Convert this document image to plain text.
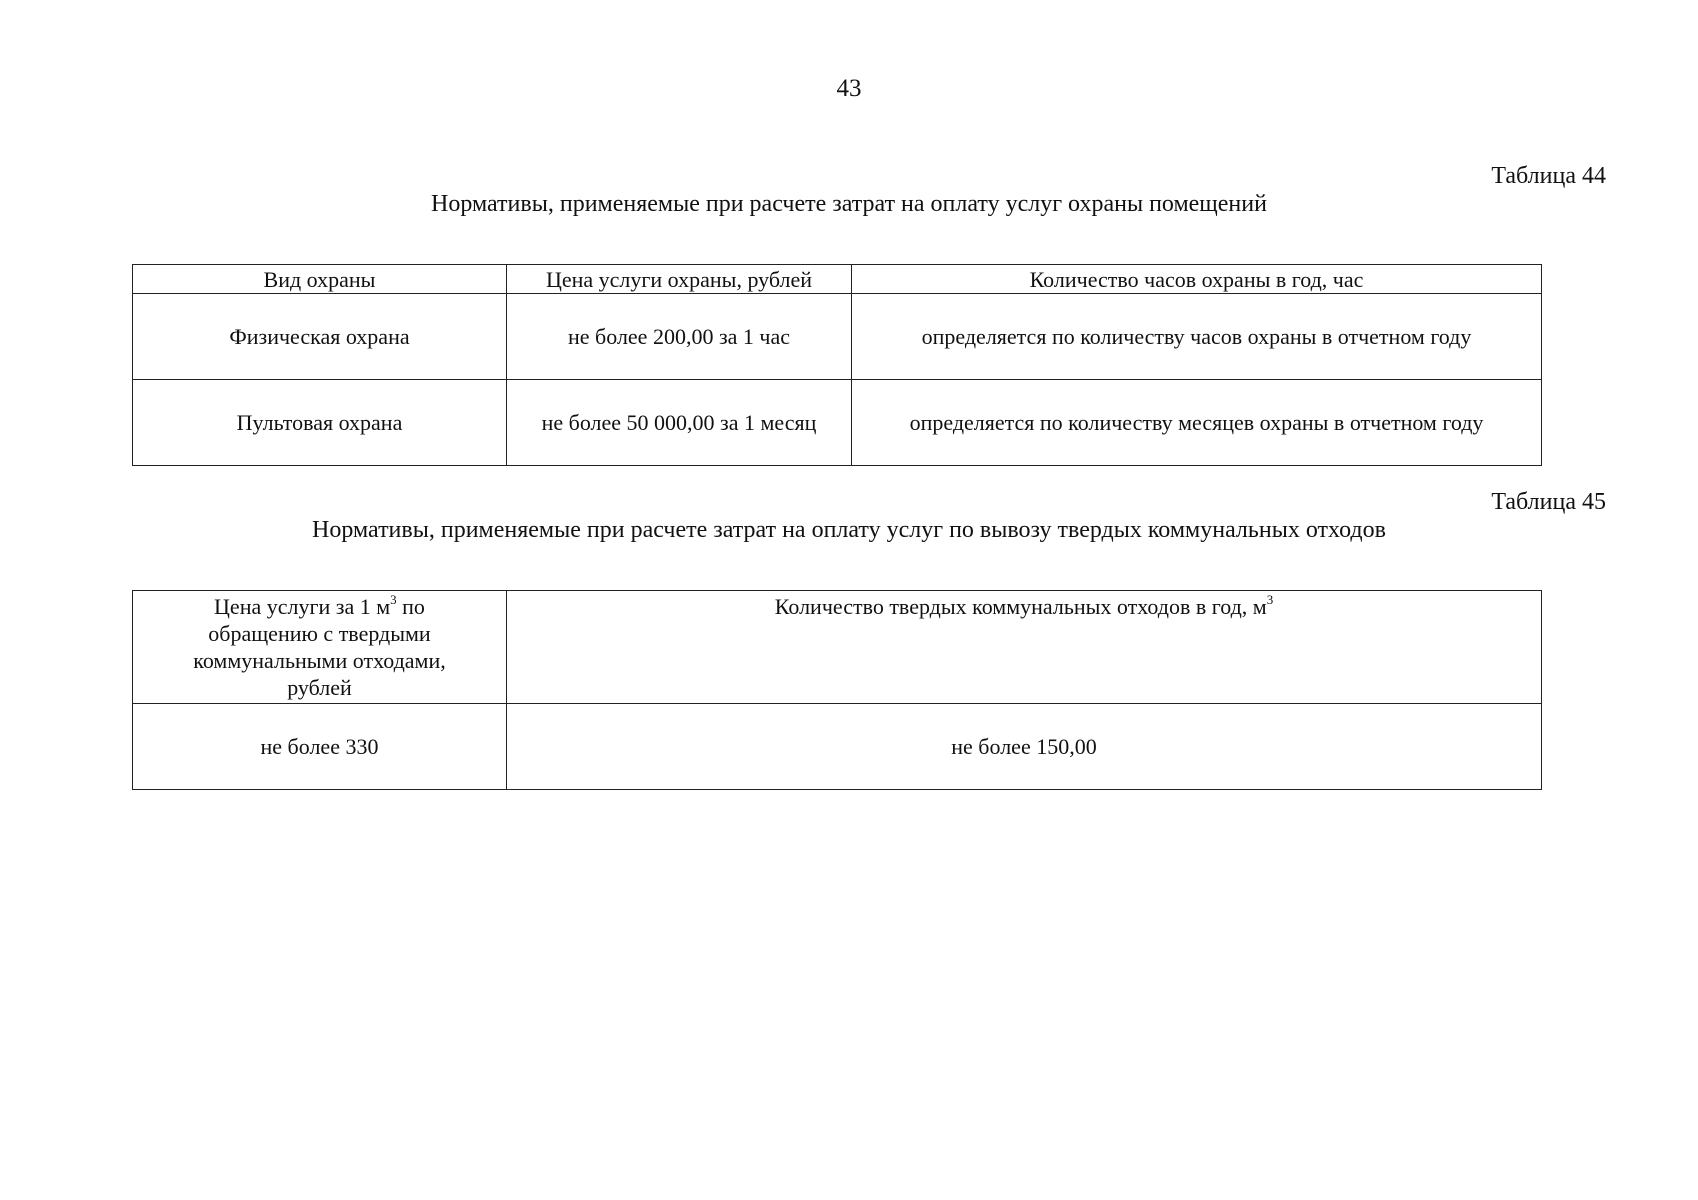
43
Таблица 44
Нормативы, применяемые при расчете затрат на оплату услуг охраны помещений
Вид охраны	Цена услуги охраны, рублей	Количество часов охраны в год, час
Физическая охрана	не более 200,00 за 1 час	определяется по количеству часов охраны в отчетном году
Пультовая охрана	не более 50 000,00 за 1 месяц	определяется по количеству месяцев охраны в отчетном году
Таблица 45
Нормативы, применяемые при расчете затрат на оплату услуг по вывозу твердых коммунальных отходов
Цена услуги за 1 $м^3$ по обращению с твердыми коммунальными отходами, рублей	Количество твердых коммунальных отходов в год, $м^3$
не более 330	не более 150,00
